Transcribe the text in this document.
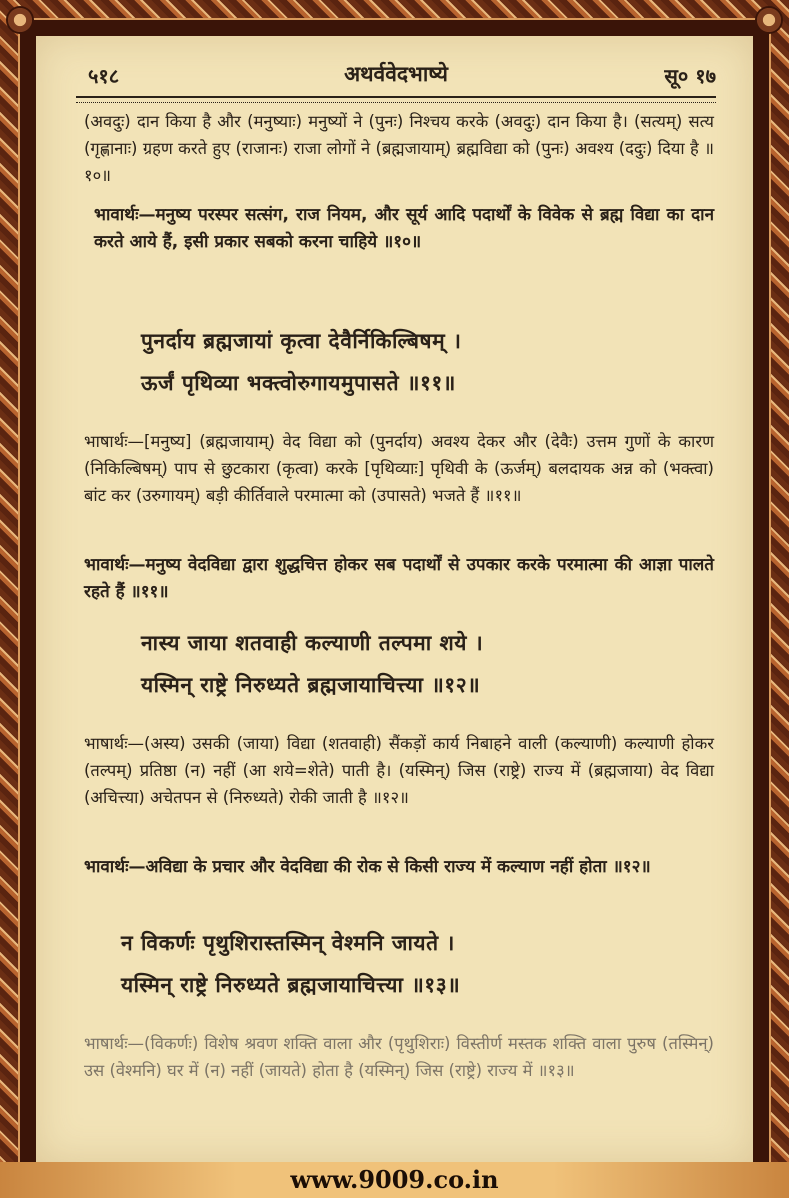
५१८	अथर्ववेदभाष्ये	सू० १७
(अवदुः) दान किया है और (मनुष्याः) मनुष्यों ने (पुनः) निश्चय करके (अवदुः) दान किया है। (सत्यम्) सत्य (गृह्णानाः) ग्रहण करते हुए (राजानः) राजा लोगों ने (ब्रह्मजायाम्) ब्रह्मविद्या को (पुनः) अवश्य (ददुः) दिया है ॥१०॥
भावार्थः—मनुष्य परस्पर सत्संग, राज नियम, और सूर्य आदि पदार्थों के विवेक से ब्रह्म विद्या का दान करते आये हैं, इसी प्रकार सबको करना चाहिये ॥१०॥
पुनर्दाय ब्रह्मजायां कृत्वा देवैर्निकिल्बिषम् ।
ऊर्जं पृथिव्या भक्त्वोरुगायमुपासते ॥११॥
भाषार्थः—[मनुष्य] (ब्रह्मजायाम्) वेद विद्या को (पुनर्दाय) अवश्य देकर और (देवैः) उत्तम गुणों के कारण (निकिल्बिषम्) पाप से छुटकारा (कृत्वा) करके [पृथिव्याः] पृथिवी के (ऊर्जम्) बलदायक अन्न को (भक्त्वा) बांट कर (उरुगायम्) बड़ी कीर्तिवाले परमात्मा को (उपासते) भजते हैं ॥११॥
भावार्थः—मनुष्य वेदविद्या द्वारा शुद्धचित्त होकर सब पदार्थों से उपकार करके परमात्मा की आज्ञा पालते रहते हैं ॥११॥
नास्य जाया शतवाही कल्याणी तल्पमा शये ।
यस्मिन् राष्ट्रे निरुध्यते ब्रह्मजायाचित्त्या ॥१२॥
भाषार्थः—(अस्य) उसकी (जाया) विद्या (शतवाही) सैंकड़ों कार्य निबाहने वाली (कल्याणी) कल्याणी होकर (तल्पम्) प्रतिष्ठा (न) नहीं (आ शये=शेते) पाती है। (यस्मिन्) जिस (राष्ट्रे) राज्य में (ब्रह्मजाया) वेद विद्या (अचित्त्या) अचेतपन से (निरुध्यते) रोकी जाती है ॥१२॥
भावार्थः—अविद्या के प्रचार और वेदविद्या की रोक से किसी राज्य में कल्याण नहीं होता ॥१२॥
न विकर्णः पृथुशिरास्तस्मिन् वेश्मनि जायते ।
यस्मिन् राष्ट्रे निरुध्यते ब्रह्मजायाचित्त्या ॥१३॥
भाषार्थः—(विकर्णः) विशेष श्रवण शक्ति वाला और (पृथुशिराः) विस्तीर्ण मस्तक शक्ति वाला पुरुष (तस्मिन्) उस (वेश्मनि) घर में (न) नहीं (जायते) होता है (यस्मिन्) जिस (राष्ट्रे) राज्य में ॥१३॥
www.9009.co.in
